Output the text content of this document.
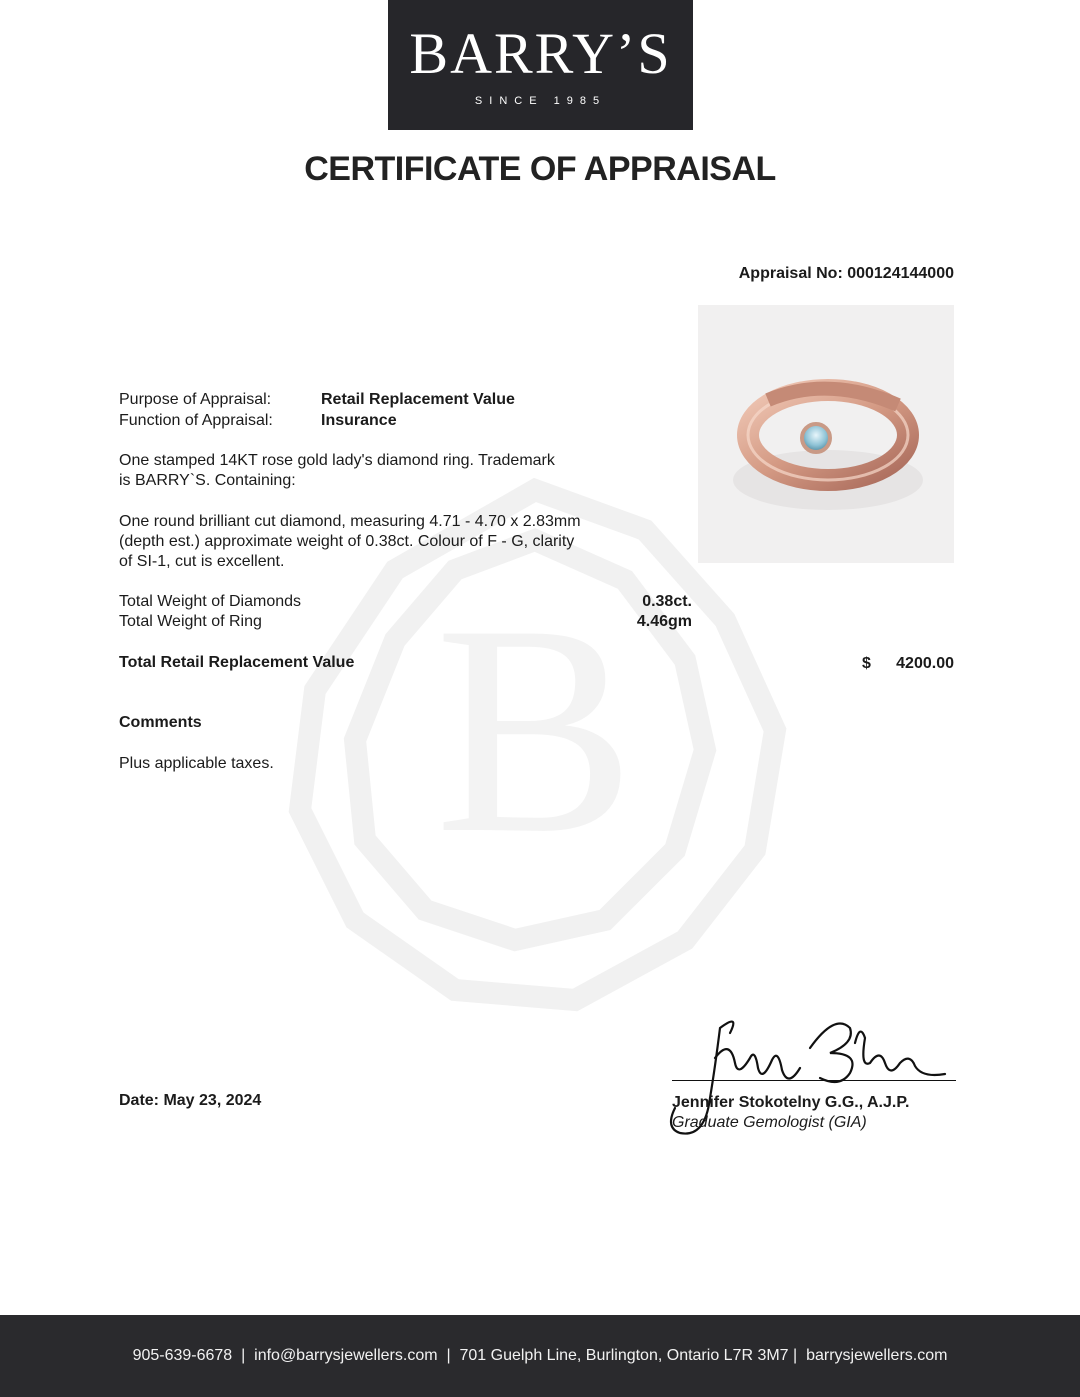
B
BARRY’S
SINCE 1985
CERTIFICATE OF APPRAISAL
Appraisal No: 000124144000
Purpose of Appraisal:	Retail Replacement Value
Function of Appraisal:	Insurance
One stamped 14KT rose gold lady's diamond ring. Trademark
is BARRY`S. Containing:
One round brilliant cut diamond, measuring 4.71 - 4.70 x 2.83mm
(depth est.) approximate weight of 0.38ct. Colour of F - G, clarity
of SI-1, cut is excellent.
Total Weight of Diamonds	0.38ct.
Total Weight of Ring	4.46gm
Total Retail Replacement Value	$ 4200.00
Comments
Plus applicable taxes.
Date: May 23, 2024	Jennifer Stokotelny G.G., A.J.P.
Graduate Gemologist (GIA)
905-639-6678  |  info@barrysjewellers.com  |  701 Guelph Line, Burlington, Ontario L7R 3M7 |  barrysjewellers.com
